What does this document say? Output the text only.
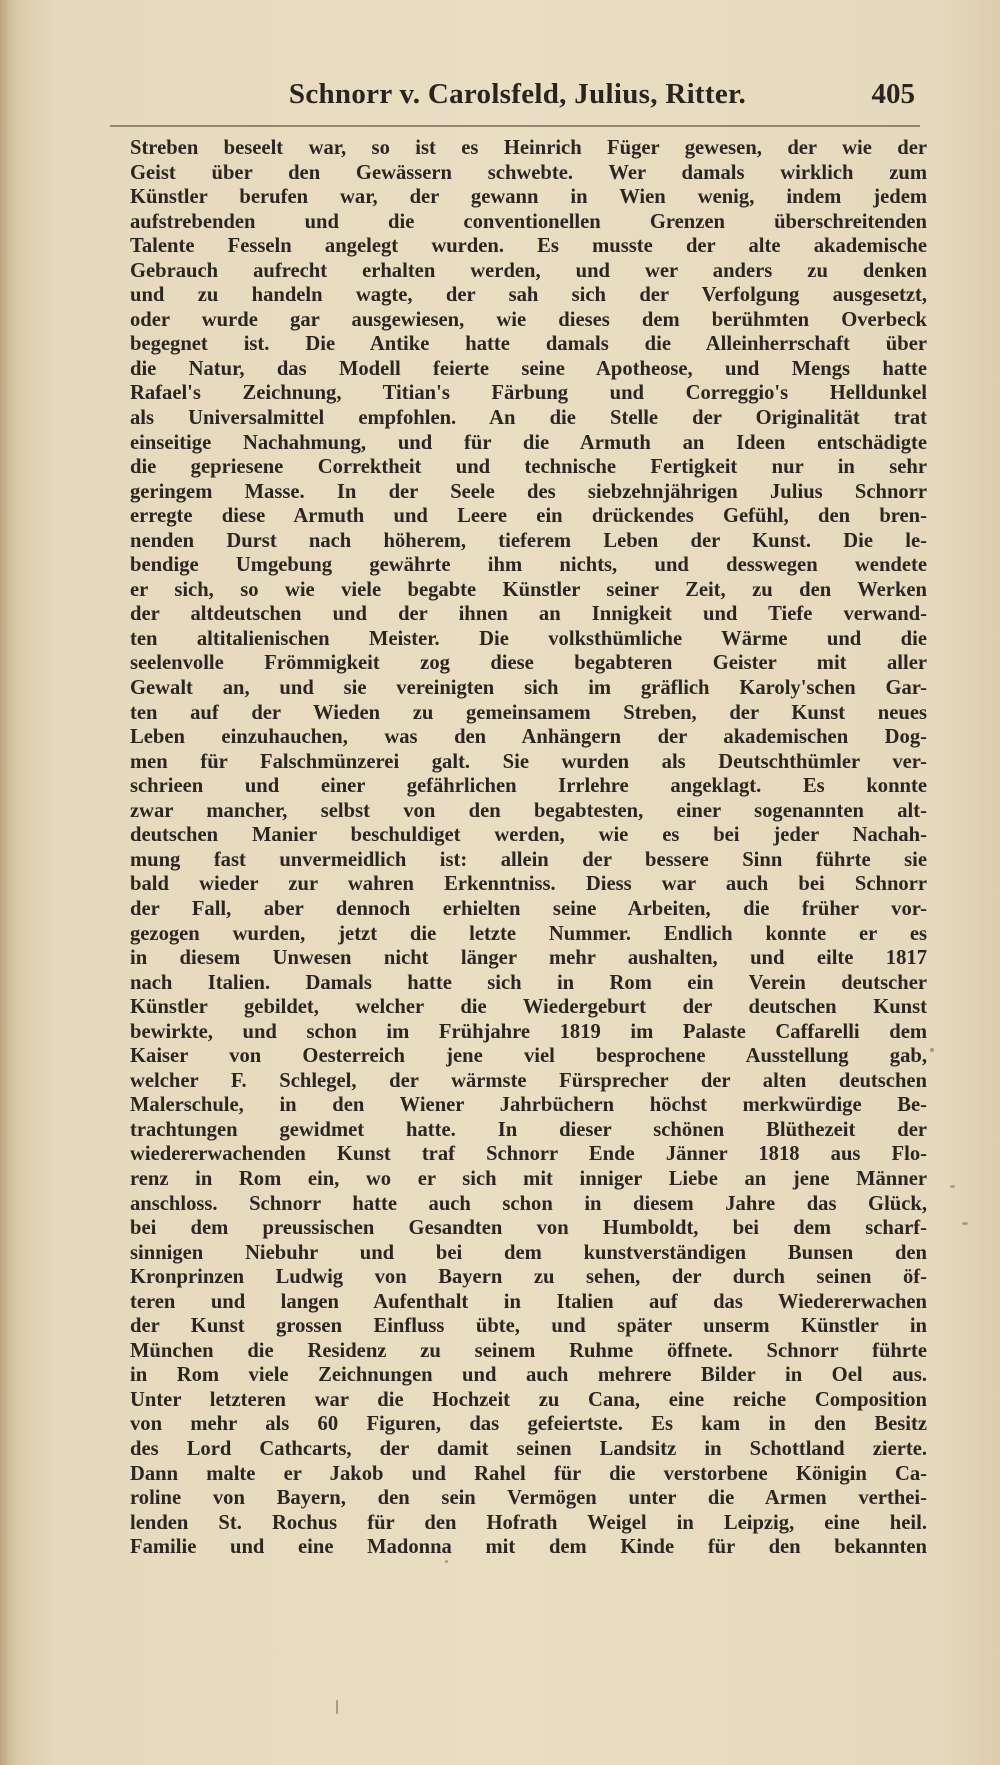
Schnorr v. Carolsfeld, Julius, Ritter.	405
Streben beseelt war, so ist es Heinrich Füger gewesen, der wie der
Geist über den Gewässern schwebte. Wer damals wirklich zum
Künstler berufen war, der gewann in Wien wenig, indem jedem
aufstrebenden und die conventionellen Grenzen überschreitenden
Talente Fesseln angelegt wurden. Es musste der alte akademische
Gebrauch aufrecht erhalten werden, und wer anders zu denken
und zu handeln wagte, der sah sich der Verfolgung ausgesetzt,
oder wurde gar ausgewiesen, wie dieses dem berühmten Overbeck
begegnet ist. Die Antike hatte damals die Alleinherrschaft über
die Natur, das Modell feierte seine Apotheose, und Mengs hatte
Rafael's Zeichnung, Titian's Färbung und Correggio's Helldunkel
als Universalmittel empfohlen. An die Stelle der Originalität trat
einseitige Nachahmung, und für die Armuth an Ideen entschädigte
die gepriesene Correktheit und technische Fertigkeit nur in sehr
geringem Masse. In der Seele des siebzehnjährigen Julius Schnorr
erregte diese Armuth und Leere ein drückendes Gefühl, den bren-
nenden Durst nach höherem, tieferem Leben der Kunst. Die le-
bendige Umgebung gewährte ihm nichts, und desswegen wendete
er sich, so wie viele begabte Künstler seiner Zeit, zu den Werken
der altdeutschen und der ihnen an Innigkeit und Tiefe verwand-
ten altitalienischen Meister. Die volksthümliche Wärme und die
seelenvolle Frömmigkeit zog diese begabteren Geister mit aller
Gewalt an, und sie vereinigten sich im gräflich Karoly'schen Gar-
ten auf der Wieden zu gemeinsamem Streben, der Kunst neues
Leben einzuhauchen, was den Anhängern der akademischen Dog-
men für Falschmünzerei galt. Sie wurden als Deutschthümler ver-
schrieen und einer gefährlichen Irrlehre angeklagt. Es konnte
zwar mancher, selbst von den begabtesten, einer sogenannten alt-
deutschen Manier beschuldiget werden, wie es bei jeder Nachah-
mung fast unvermeidlich ist: allein der bessere Sinn führte sie
bald wieder zur wahren Erkenntniss. Diess war auch bei Schnorr
der Fall, aber dennoch erhielten seine Arbeiten, die früher vor-
gezogen wurden, jetzt die letzte Nummer. Endlich konnte er es
in diesem Unwesen nicht länger mehr aushalten, und eilte 1817
nach Italien. Damals hatte sich in Rom ein Verein deutscher
Künstler gebildet, welcher die Wiedergeburt der deutschen Kunst
bewirkte, und schon im Frühjahre 1819 im Palaste Caffarelli dem
Kaiser von Oesterreich jene viel besprochene Ausstellung gab,
welcher F. Schlegel, der wärmste Fürsprecher der alten deutschen
Malerschule, in den Wiener Jahrbüchern höchst merkwürdige Be-
trachtungen gewidmet hatte. In dieser schönen Blüthezeit der
wiedererwachenden Kunst traf Schnorr Ende Jänner 1818 aus Flo-
renz in Rom ein, wo er sich mit inniger Liebe an jene Männer
anschloss. Schnorr hatte auch schon in diesem Jahre das Glück,
bei dem preussischen Gesandten von Humboldt, bei dem scharf-
sinnigen Niebuhr und bei dem kunstverständigen Bunsen den
Kronprinzen Ludwig von Bayern zu sehen, der durch seinen öf-
teren und langen Aufenthalt in Italien auf das Wiedererwachen
der Kunst grossen Einfluss übte, und später unserm Künstler in
München die Residenz zu seinem Ruhme öffnete. Schnorr führte
in Rom viele Zeichnungen und auch mehrere Bilder in Oel aus.
Unter letzteren war die Hochzeit zu Cana, eine reiche Composition
von mehr als 60 Figuren, das gefeiertste. Es kam in den Besitz
des Lord Cathcarts, der damit seinen Landsitz in Schottland zierte.
Dann malte er Jakob und Rahel für die verstorbene Königin Ca-
roline von Bayern, den sein Vermögen unter die Armen verthei-
lenden St. Rochus für den Hofrath Weigel in Leipzig, eine heil.
Familie und eine Madonna mit dem Kinde für den bekannten
